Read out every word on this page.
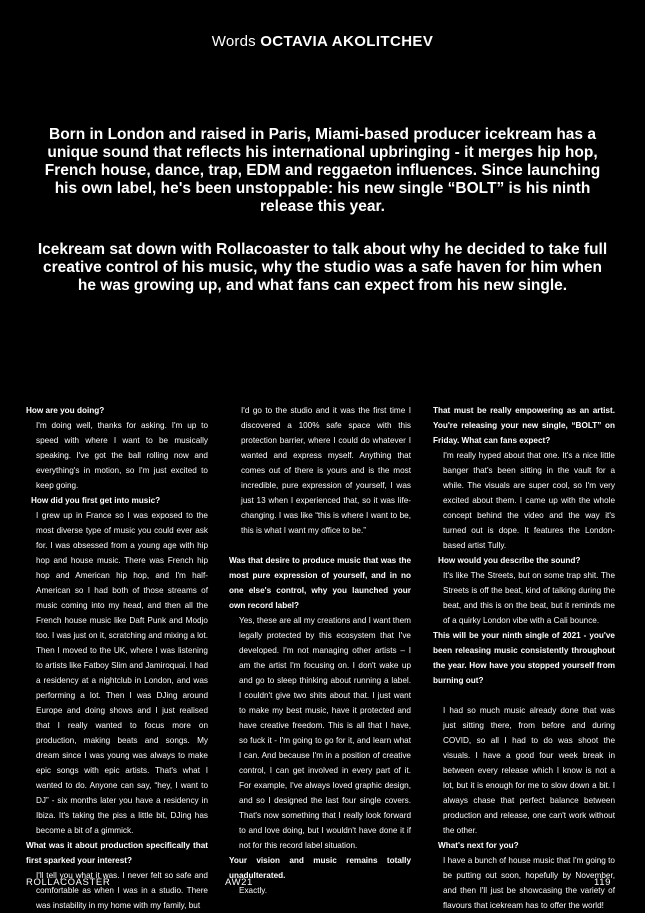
Words OCTAVIA AKOLITCHEV

Born in London and raised in Paris, Miami-based producer icekream has a unique sound that reflects his international upbringing - it merges hip hop, French house, dance, trap, EDM and reggaeton influences. Since launching his own label, he's been unstoppable: his new single “BOLT” is his ninth release this year.

Icekream sat down with Rollacoaster to talk about why he decided to take full creative control of his music, why the studio was a safe haven for him when he was growing up, and what fans can expect from his new single.

How are you doing?

I'm doing well, thanks for asking. I'm up to speed with where I want to be musically speaking. I've got the ball rolling now and everything's in motion, so I'm just excited to keep going.

How did you first get into music?

I grew up in France so I was exposed to the most diverse type of music you could ever ask for. I was obsessed from a young age with hip hop and house music. There was French hip hop and American hip hop, and I'm half-American so I had both of those streams of music coming into my head, and then all the French house music like Daft Punk and Modjo too. I was just on it, scratching and mixing a lot. Then I moved to the UK, where I was listening to artists like Fatboy Slim and Jamiroquai. I had a residency at a nightclub in London, and was performing a lot. Then I was DJing around Europe and doing shows and I just realised that I really wanted to focus more on production, making beats and songs. My dream since I was young was always to make epic songs with epic artists. That's what I wanted to do. Anyone can say, “hey, I want to DJ” - six months later you have a residency in Ibiza. It's taking the piss a little bit, DJing has become a bit of a gimmick.

What was it about production specifically that first sparked your interest?

I'll tell you what it was. I never felt so safe and comfortable as when I was in a studio. There was instability in my home with my family, but

I'd go to the studio and it was the first time I discovered a 100% safe space with this protection barrier, where I could do whatever I wanted and express myself. Anything that comes out of there is yours and is the most incredible, pure expression of yourself, I was just 13 when I experienced that, so it was life-changing. I was like “this is where I want to be, this is what I want my office to be.”

Was that desire to produce music that was the most pure expression of yourself, and in no one else's control, why you launched your own record label?

Yes, these are all my creations and I want them legally protected by this ecosystem that I've developed. I'm not managing other artists – I am the artist I'm focusing on. I don't wake up and go to sleep thinking about running a label. I couldn't give two shits about that. I just want to make my best music, have it protected and have creative freedom. This is all that I have, so fuck it - I'm going to go for it, and learn what I can. And because I'm in a position of creative control, I can get involved in every part of it. For example, I've always loved graphic design, and so I designed the last four single covers. That's now something that I really look forward to and love doing, but I wouldn't have done it if not for this record label situation.

Your vision and music remains totally unadulterated.

Exactly.

That must be really empowering as an artist. You're releasing your new single, “BOLT” on Friday. What can fans expect?

I'm really hyped about that one. It's a nice little banger that's been sitting in the vault for a while. The visuals are super cool, so I'm very excited about them. I came up with the whole concept behind the video and the way it's turned out is dope. It features the London-based artist Tully.

How would you describe the sound?

It's like The Streets, but on some trap shit. The Streets is off the beat, kind of talking during the beat, and this is on the beat, but it reminds me of a quirky London vibe with a Cali bounce.

This will be your ninth single of 2021 - you've been releasing music consistently throughout the year. How have you stopped yourself from burning out?

I had so much music already done that was just sitting there, from before and during COVID, so all I had to do was shoot the visuals. I have a good four week break in between every release which I know is not a lot, but it is enough for me to slow down a bit. I always chase that perfect balance between production and release, one can't work without the other.

What's next for you?

I have a bunch of house music that I'm going to be putting out soon, hopefully by November, and then I'll just be showcasing the variety of flavours that icekream has to offer the world!

ROLLACOASTER	AW21	119
